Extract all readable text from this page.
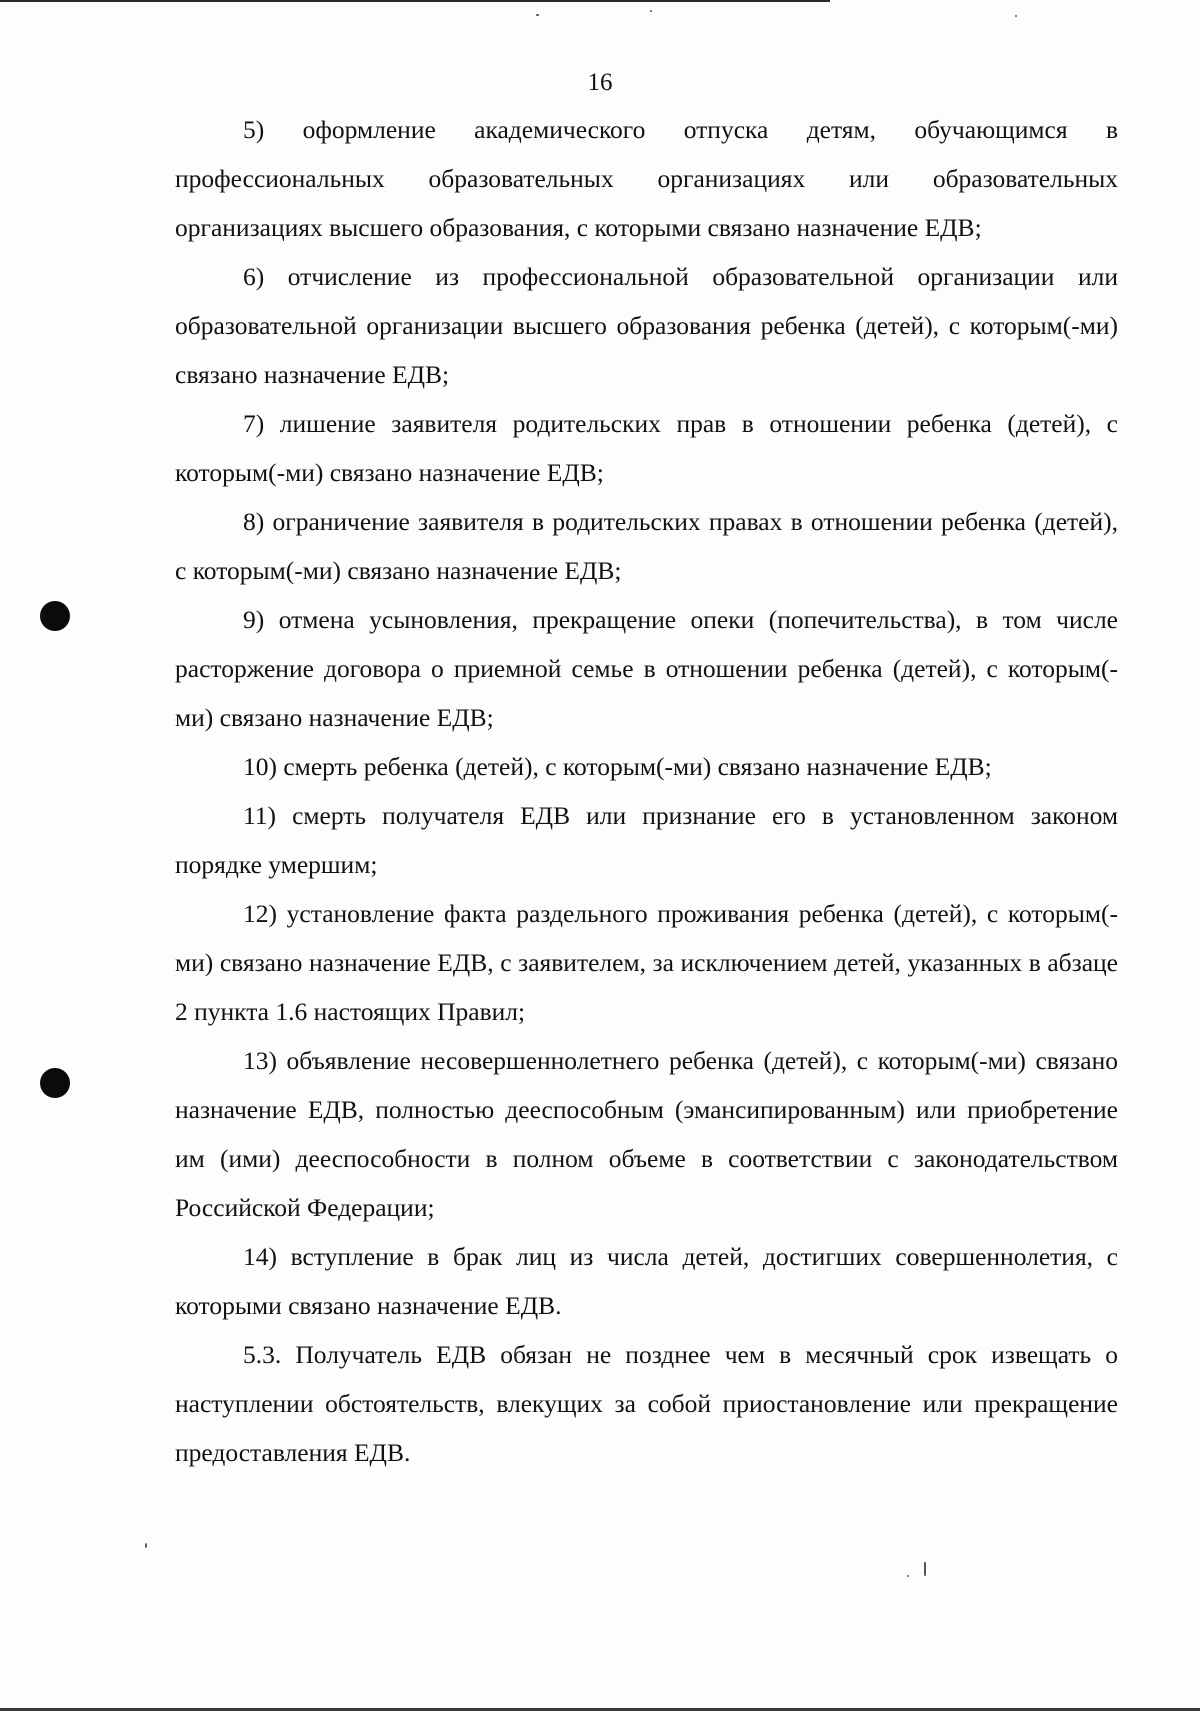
16

5) оформление академического отпуска детям, обучающимся в профессиональных образовательных организациях или образовательных организациях высшего образования, с которыми связано назначение ЕДВ;

6) отчисление из профессиональной образовательной организации или образовательной организации высшего образования ребенка (детей), с которым(-ми) связано назначение ЕДВ;

7) лишение заявителя родительских прав в отношении ребенка (детей), с которым(-ми) связано назначение ЕДВ;

8) ограничение заявителя в родительских правах в отношении ребенка (детей), с которым(-ми) связано назначение ЕДВ;

9) отмена усыновления, прекращение опеки (попечительства), в том числе расторжение договора о приемной семье в отношении ребенка (детей), с которым(-ми) связано назначение ЕДВ;

10) смерть ребенка (детей), с которым(-ми) связано назначение ЕДВ;

11) смерть получателя ЕДВ или признание его в установленном законом порядке умершим;

12) установление факта раздельного проживания ребенка (детей), с которым(-ми) связано назначение ЕДВ, с заявителем, за исключением детей, указанных в абзаце 2 пункта 1.6 настоящих Правил;

13) объявление несовершеннолетнего ребенка (детей), с которым(-ми) связано назначение ЕДВ, полностью дееспособным (эмансипированным) или приобретение им (ими) дееспособности в полном объеме в соответствии с законодательством Российской Федерации;

14) вступление в брак лиц из числа детей, достигших совершеннолетия, с которыми связано назначение ЕДВ.

5.3. Получатель ЕДВ обязан не позднее чем в месячный срок извещать о наступлении обстоятельств, влекущих за собой приостановление или прекращение предоставления ЕДВ.
